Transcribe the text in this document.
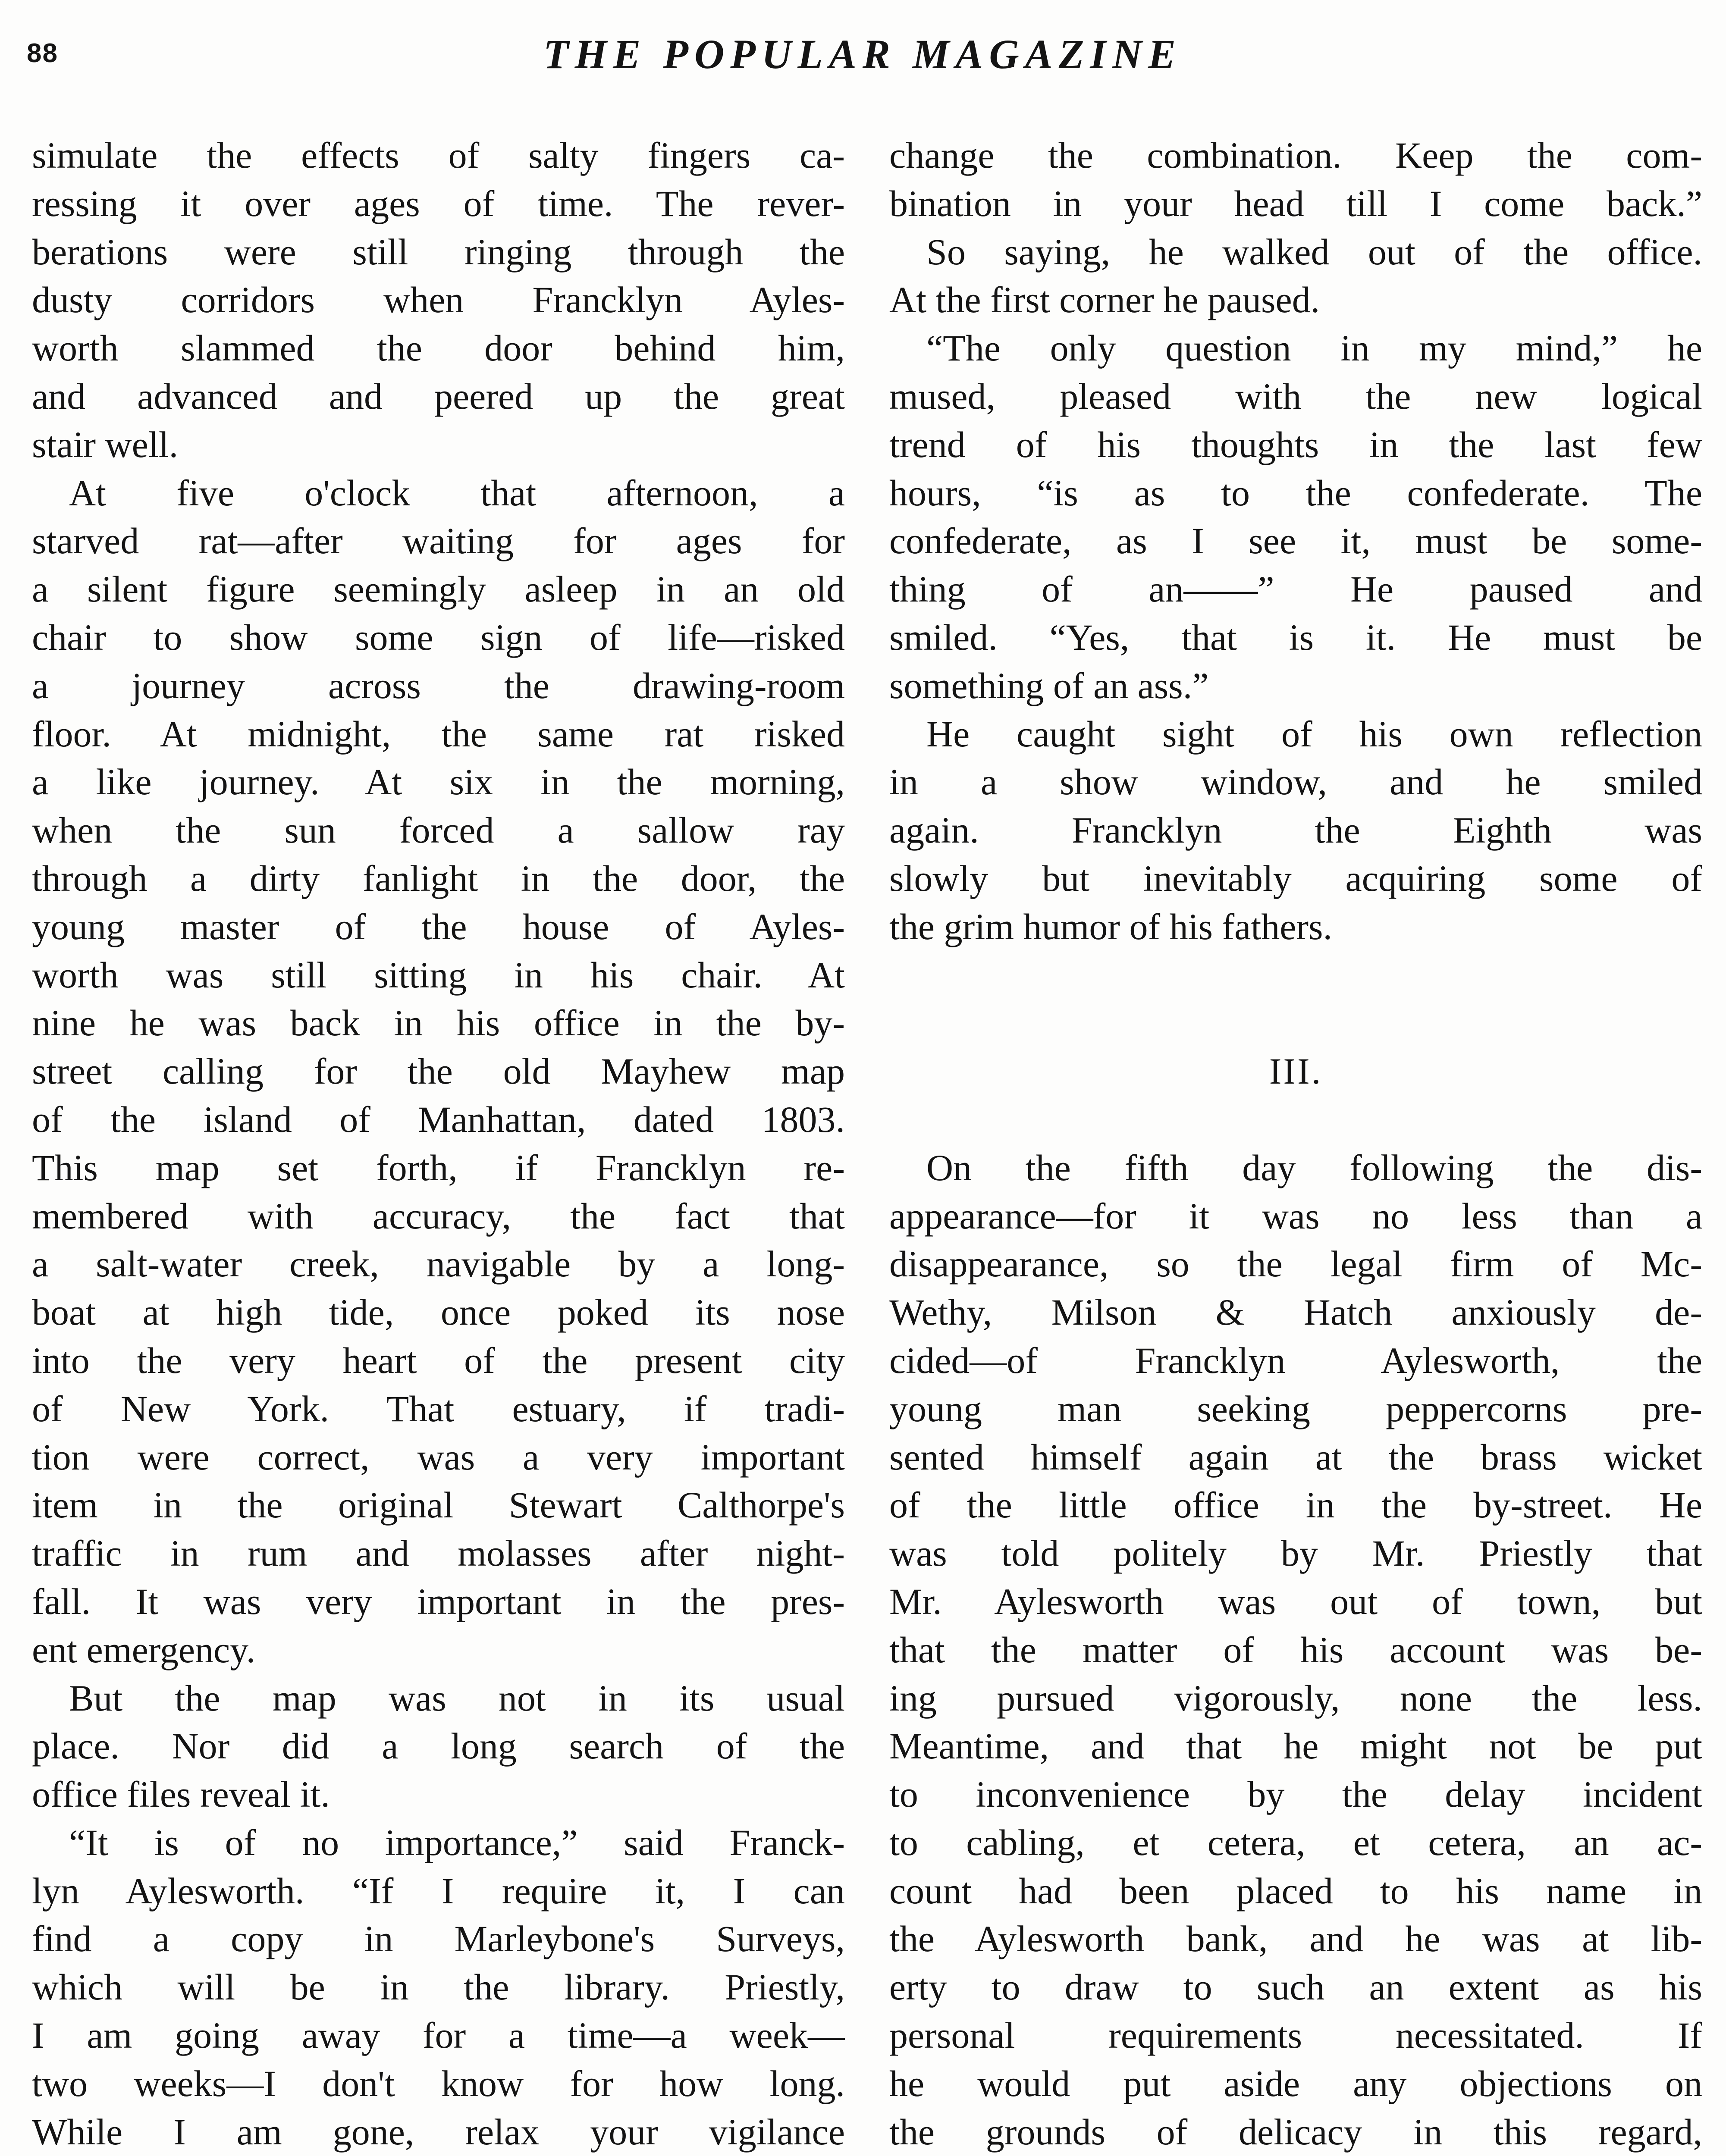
88	THE POPULAR MAGAZINE
simulate the effects of salty fingers ca-
ressing it over ages of time. The rever-
berations were still ringing through the
dusty corridors when Francklyn Ayles-
worth slammed the door behind him,
and advanced and peered up the great
stair well.
At five o'clock that afternoon, a
starved rat—after waiting for ages for
a silent figure seemingly asleep in an old
chair to show some sign of life—risked
a journey across the drawing-room
floor. At midnight, the same rat risked
a like journey. At six in the morning,
when the sun forced a sallow ray
through a dirty fanlight in the door, the
young master of the house of Ayles-
worth was still sitting in his chair. At
nine he was back in his office in the by-
street calling for the old Mayhew map
of the island of Manhattan, dated 1803.
This map set forth, if Francklyn re-
membered with accuracy, the fact that
a salt-water creek, navigable by a long-
boat at high tide, once poked its nose
into the very heart of the present city
of New York. That estuary, if tradi-
tion were correct, was a very important
item in the original Stewart Calthorpe's
traffic in rum and molasses after night-
fall. It was very important in the pres-
ent emergency.
But the map was not in its usual
place. Nor did a long search of the
office files reveal it.
“It is of no importance,” said Franck-
lyn Aylesworth. “If I require it, I can
find a copy in Marleybone's Surveys,
which will be in the library. Priestly,
I am going away for a time—a week—
two weeks—I don't know for how long.
While I am gone, relax your vigilance
change the combination. Keep the com-
bination in your head till I come back.”
So saying, he walked out of the office.
At the first corner he paused.
“The only question in my mind,” he
mused, pleased with the new logical
trend of his thoughts in the last few
hours, “is as to the confederate. The
confederate, as I see it, must be some-
thing of an——” He paused and
smiled. “Yes, that is it. He must be
something of an ass.”
He caught sight of his own reflection
in a show window, and he smiled
again. Francklyn the Eighth was
slowly but inevitably acquiring some of
the grim humor of his fathers.
III.
On the fifth day following the dis-
appearance—for it was no less than a
disappearance, so the legal firm of Mc-
Wethy, Milson & Hatch anxiously de-
cided—of Francklyn Aylesworth, the
young man seeking peppercorns pre-
sented himself again at the brass wicket
of the little office in the by-street. He
was told politely by Mr. Priestly that
Mr. Aylesworth was out of town, but
that the matter of his account was be-
ing pursued vigorously, none the less.
Meantime, and that he might not be put
to inconvenience by the delay incident
to cabling, et cetera, et cetera, an ac-
count had been placed to his name in
the Aylesworth bank, and he was at lib-
erty to draw to such an extent as his
personal requirements necessitated. If
he would put aside any objections on
the grounds of delicacy in this regard,
